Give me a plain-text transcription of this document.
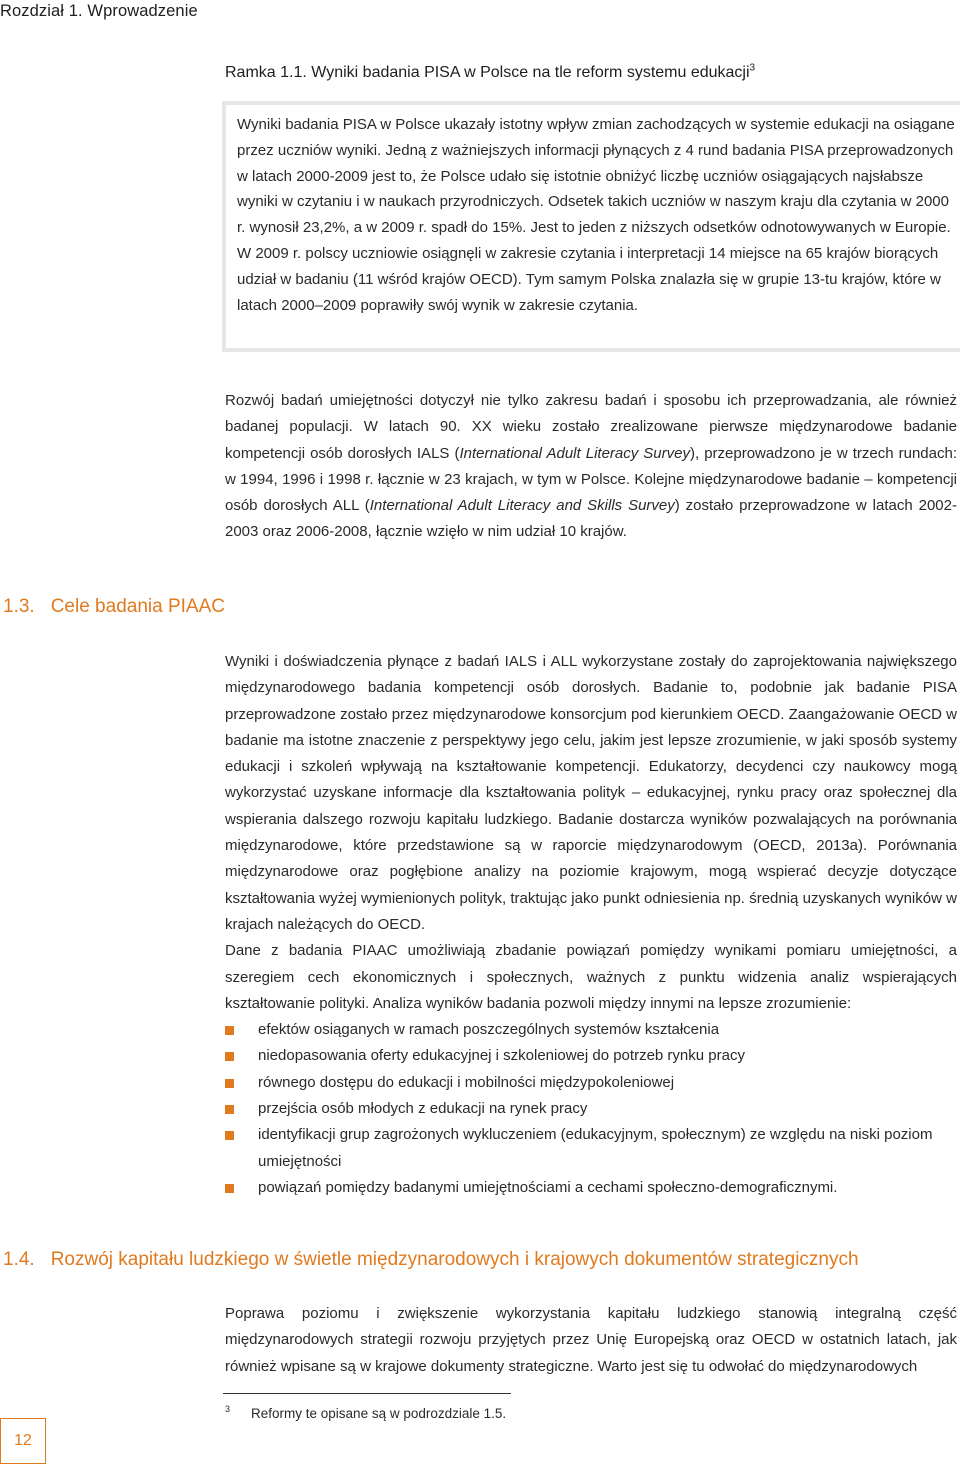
Rozdział 1. Wprowadzenie
Ramka 1.1. Wyniki badania PISA w Polsce na tle reform systemu edukacji$^3$

Wyniki badania PISA w Polsce ukazały istotny wpływ zmian zachodzących w systemie edukacji na osiągane przez uczniów wyniki. Jedną z ważniejszych informacji płynących z 4 rund badania PISA przeprowadzonych w latach 2000-2009 jest to, że Polsce udało się istotnie obniżyć liczbę uczniów osiągających najsłabsze wyniki w czytaniu i w naukach przyrodniczych. Odsetek takich uczniów w naszym kraju dla czytania w 2000 r. wynosił 23,2%, a w 2009 r. spadł do 15%. Jest to jeden z niższych odsetków odnotowywanych w Europie. W 2009 r. polscy uczniowie osiągnęli w zakresie czytania i interpretacji 14 miejsce na 65 krajów biorących udział w badaniu (11 wśród krajów OECD). Tym samym Polska znalazła się w grupie 13-tu krajów, które w latach 2000–2009 poprawiły swój wynik w zakresie czytania.

Rozwój badań umiejętności dotyczył nie tylko zakresu badań i sposobu ich przeprowadzania, ale również badanej populacji. W latach 90. XX wieku zostało zrealizowane pierwsze międzynarodowe badanie kompetencji osób dorosłych IALS (International Adult Literacy Survey), przeprowadzono je w trzech rundach: w 1994, 1996 i 1998 r. łącznie w 23 krajach, w tym w Polsce. Kolejne międzynarodowe badanie – kompetencji osób dorosłych ALL (International Adult Literacy and Skills Survey) zostało przeprowadzone w latach 2002-2003 oraz 2006-2008, łącznie wzięło w nim udział 10 krajów.

1.3. Cele badania PIAAC

Wyniki i doświadczenia płynące z badań IALS i ALL wykorzystane zostały do zaprojektowania największego międzynarodowego badania kompetencji osób dorosłych. Badanie to, podobnie jak badanie PISA przeprowadzone zostało przez międzynarodowe konsorcjum pod kierunkiem OECD. Zaangażowanie OECD w badanie ma istotne znaczenie z perspektywy jego celu, jakim jest lepsze zrozumienie, w jaki sposób systemy edukacji i szkoleń wpływają na kształtowanie kompetencji. Edukatorzy, decydenci czy naukowcy mogą wykorzystać uzyskane informacje dla kształtowania polityk – edukacyjnej, rynku pracy oraz społecznej dla wspierania dalszego rozwoju kapitału ludzkiego. Badanie dostarcza wyników pozwalających na porównania międzynarodowe, które przedstawione są w raporcie międzynarodowym (OECD, 2013a). Porównania międzynarodowe oraz pogłębione analizy na poziomie krajowym, mogą wspierać decyzje dotyczące kształtowania wyżej wymienionych polityk, traktując jako punkt odniesienia np. średnią uzyskanych wyników w krajach należących do OECD.

Dane z badania PIAAC umożliwiają zbadanie powiązań pomiędzy wynikami pomiaru umiejętności, a szeregiem cech ekonomicznych i społecznych, ważnych z punktu widzenia analiz wspierających kształtowanie polityki. Analiza wyników badania pozwoli między innymi na lepsze zrozumienie:

efektów osiąganych w ramach poszczególnych systemów kształcenia
niedopasowania oferty edukacyjnej i szkoleniowej do potrzeb rynku pracy
równego dostępu do edukacji i mobilności międzypokoleniowej
przejścia osób młodych z edukacji na rynek pracy
identyfikacji grup zagrożonych wykluczeniem (edukacyjnym, społecznym) ze względu na niski poziom umiejętności
powiązań pomiędzy badanymi umiejętnościami a cechami społeczno-demograficznymi.
1.4. Rozwój kapitału ludzkiego w świetle międzynarodowych i krajowych dokumentów strategicznych

Poprawa poziomu i zwiększenie wykorzystania kapitału ludzkiego stanowią integralną część międzynarodowych strategii rozwoju przyjętych przez Unię Europejską oraz OECD w ostatnich latach, jak również wpisane są w krajowe dokumenty strategiczne. Warto jest się tu odwołać do międzynarodowych

$^3$ Reformy te opisane są w podrozdziale 1.5.
12
